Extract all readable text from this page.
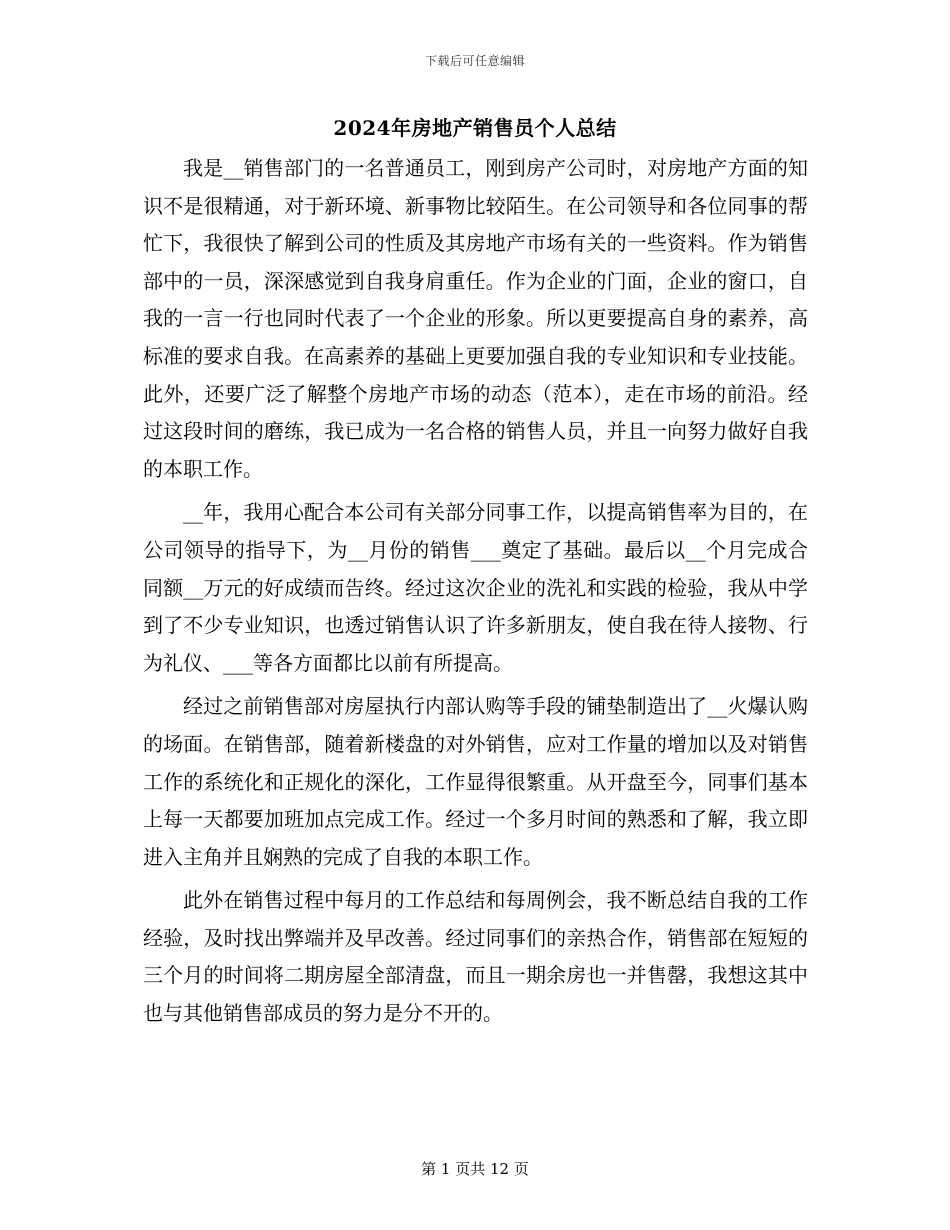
下载后可任意编辑
2024年房地产销售员个人总结

我是__销售部门的一名普通员工，刚到房产公司时，对房地产方面的知识不是很精通，对于新环境、新事物比较陌生。在公司领导和各位同事的帮忙下，我很快了解到公司的性质及其房地产市场有关的一些资料。作为销售部中的一员，深深感觉到自我身肩重任。作为企业的门面，企业的窗口，自我的一言一行也同时代表了一个企业的形象。所以更要提高自身的素养，高标准的要求自我。在高素养的基础上更要加强自我的专业知识和专业技能。此外，还要广泛了解整个房地产市场的动态（范本），走在市场的前沿。经过这段时间的磨练，我已成为一名合格的销售人员，并且一向努力做好自我的本职工作。

__年，我用心配合本公司有关部分同事工作，以提高销售率为目的，在公司领导的指导下，为__月份的销售___奠定了基础。最后以__个月完成合同额__万元的好成绩而告终。经过这次企业的洗礼和实践的检验，我从中学到了不少专业知识，也透过销售认识了许多新朋友，使自我在待人接物、行为礼仪、___等各方面都比以前有所提高。

经过之前销售部对房屋执行内部认购等手段的铺垫制造出了__火爆认购的场面。在销售部，随着新楼盘的对外销售，应对工作量的增加以及对销售工作的系统化和正规化的深化，工作显得很繁重。从开盘至今，同事们基本上每一天都要加班加点完成工作。经过一个多月时间的熟悉和了解，我立即进入主角并且娴熟的完成了自我的本职工作。

此外在销售过程中每月的工作总结和每周例会，我不断总结自我的工作经验，及时找出弊端并及早改善。经过同事们的亲热合作，销售部在短短的三个月的时间将二期房屋全部清盘，而且一期余房也一并售罄，我想这其中也与其他销售部成员的努力是分不开的。

第 1 页共 12 页
